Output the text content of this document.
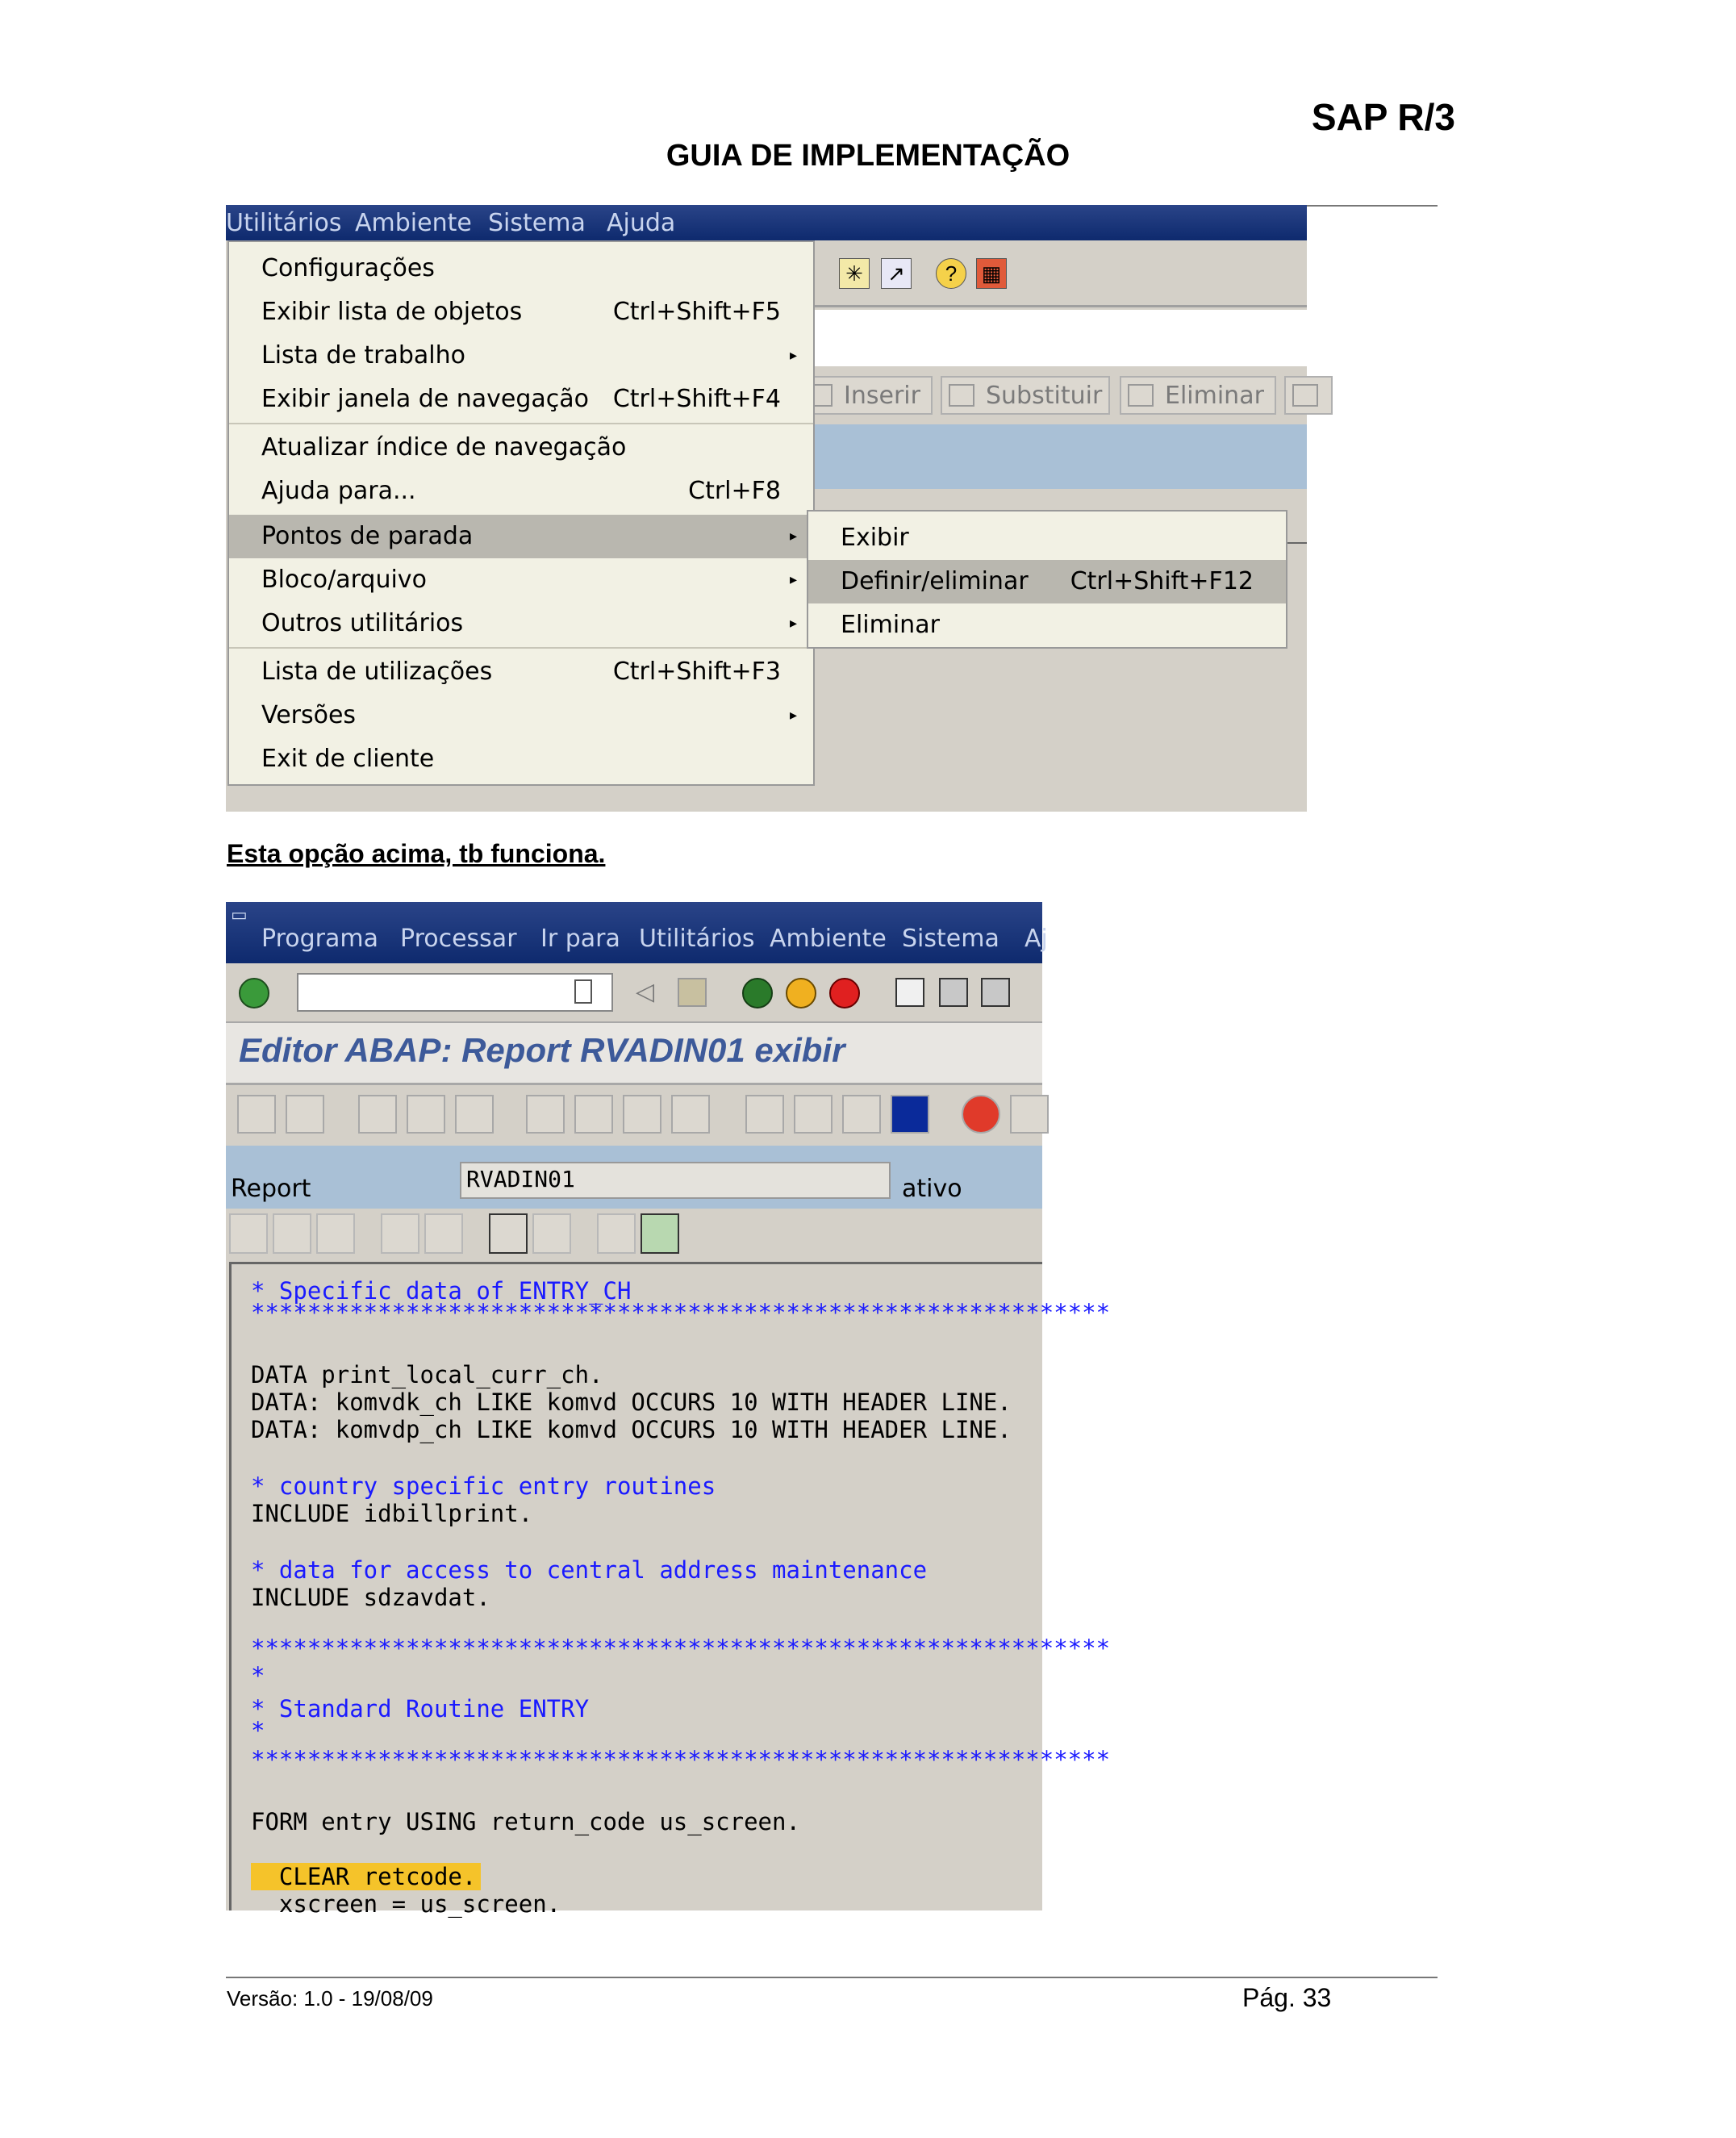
SAP R/3
GUIA DE IMPLEMENTAÇÃO
Utilitários Ambiente Sistema Ajuda
✳	↗	?	▦
Inserir	Substituir	Eliminar
Configurações
Exibir lista de objetos	Ctrl+Shift+F5
Lista de trabalho	▸
Exibir janela de navegação Ctrl+Shift+F4
Atualizar índice de navegação
Ajuda para...	Ctrl+F8
Pontos de parada	▸
Bloco/arquivo	▸
Outros utilitários	▸
Lista de utilizações	Ctrl+Shift+F3
Versões	▸
Exit de cliente
Exibir
Definir/eliminar Ctrl+Shift+F12
Eliminar
Esta opção acima, tb funciona.
▭
Programa Processar Ir para Utilitários Ambiente Sistema Aj
◁
Editor ABAP: Report RVADIN01 exibir
Report	RVADIN01	ativo
* Specific data of ENTRY_CH
*************************************************************
DATA print_local_curr_ch.
DATA: komvdk_ch LIKE komvd OCCURS 10 WITH HEADER LINE.
DATA: komvdp_ch LIKE komvd OCCURS 10 WITH HEADER LINE.
* country specific entry routines
INCLUDE idbillprint.
* data for access to central address maintenance
INCLUDE sdzavdat.
*************************************************************
*
* Standard Routine ENTRY
*
*************************************************************
FORM entry USING return_code us_screen.
CLEAR retcode.
xscreen = us_screen.
Versão: 1.0 - 19/08/09	Pág. 33
